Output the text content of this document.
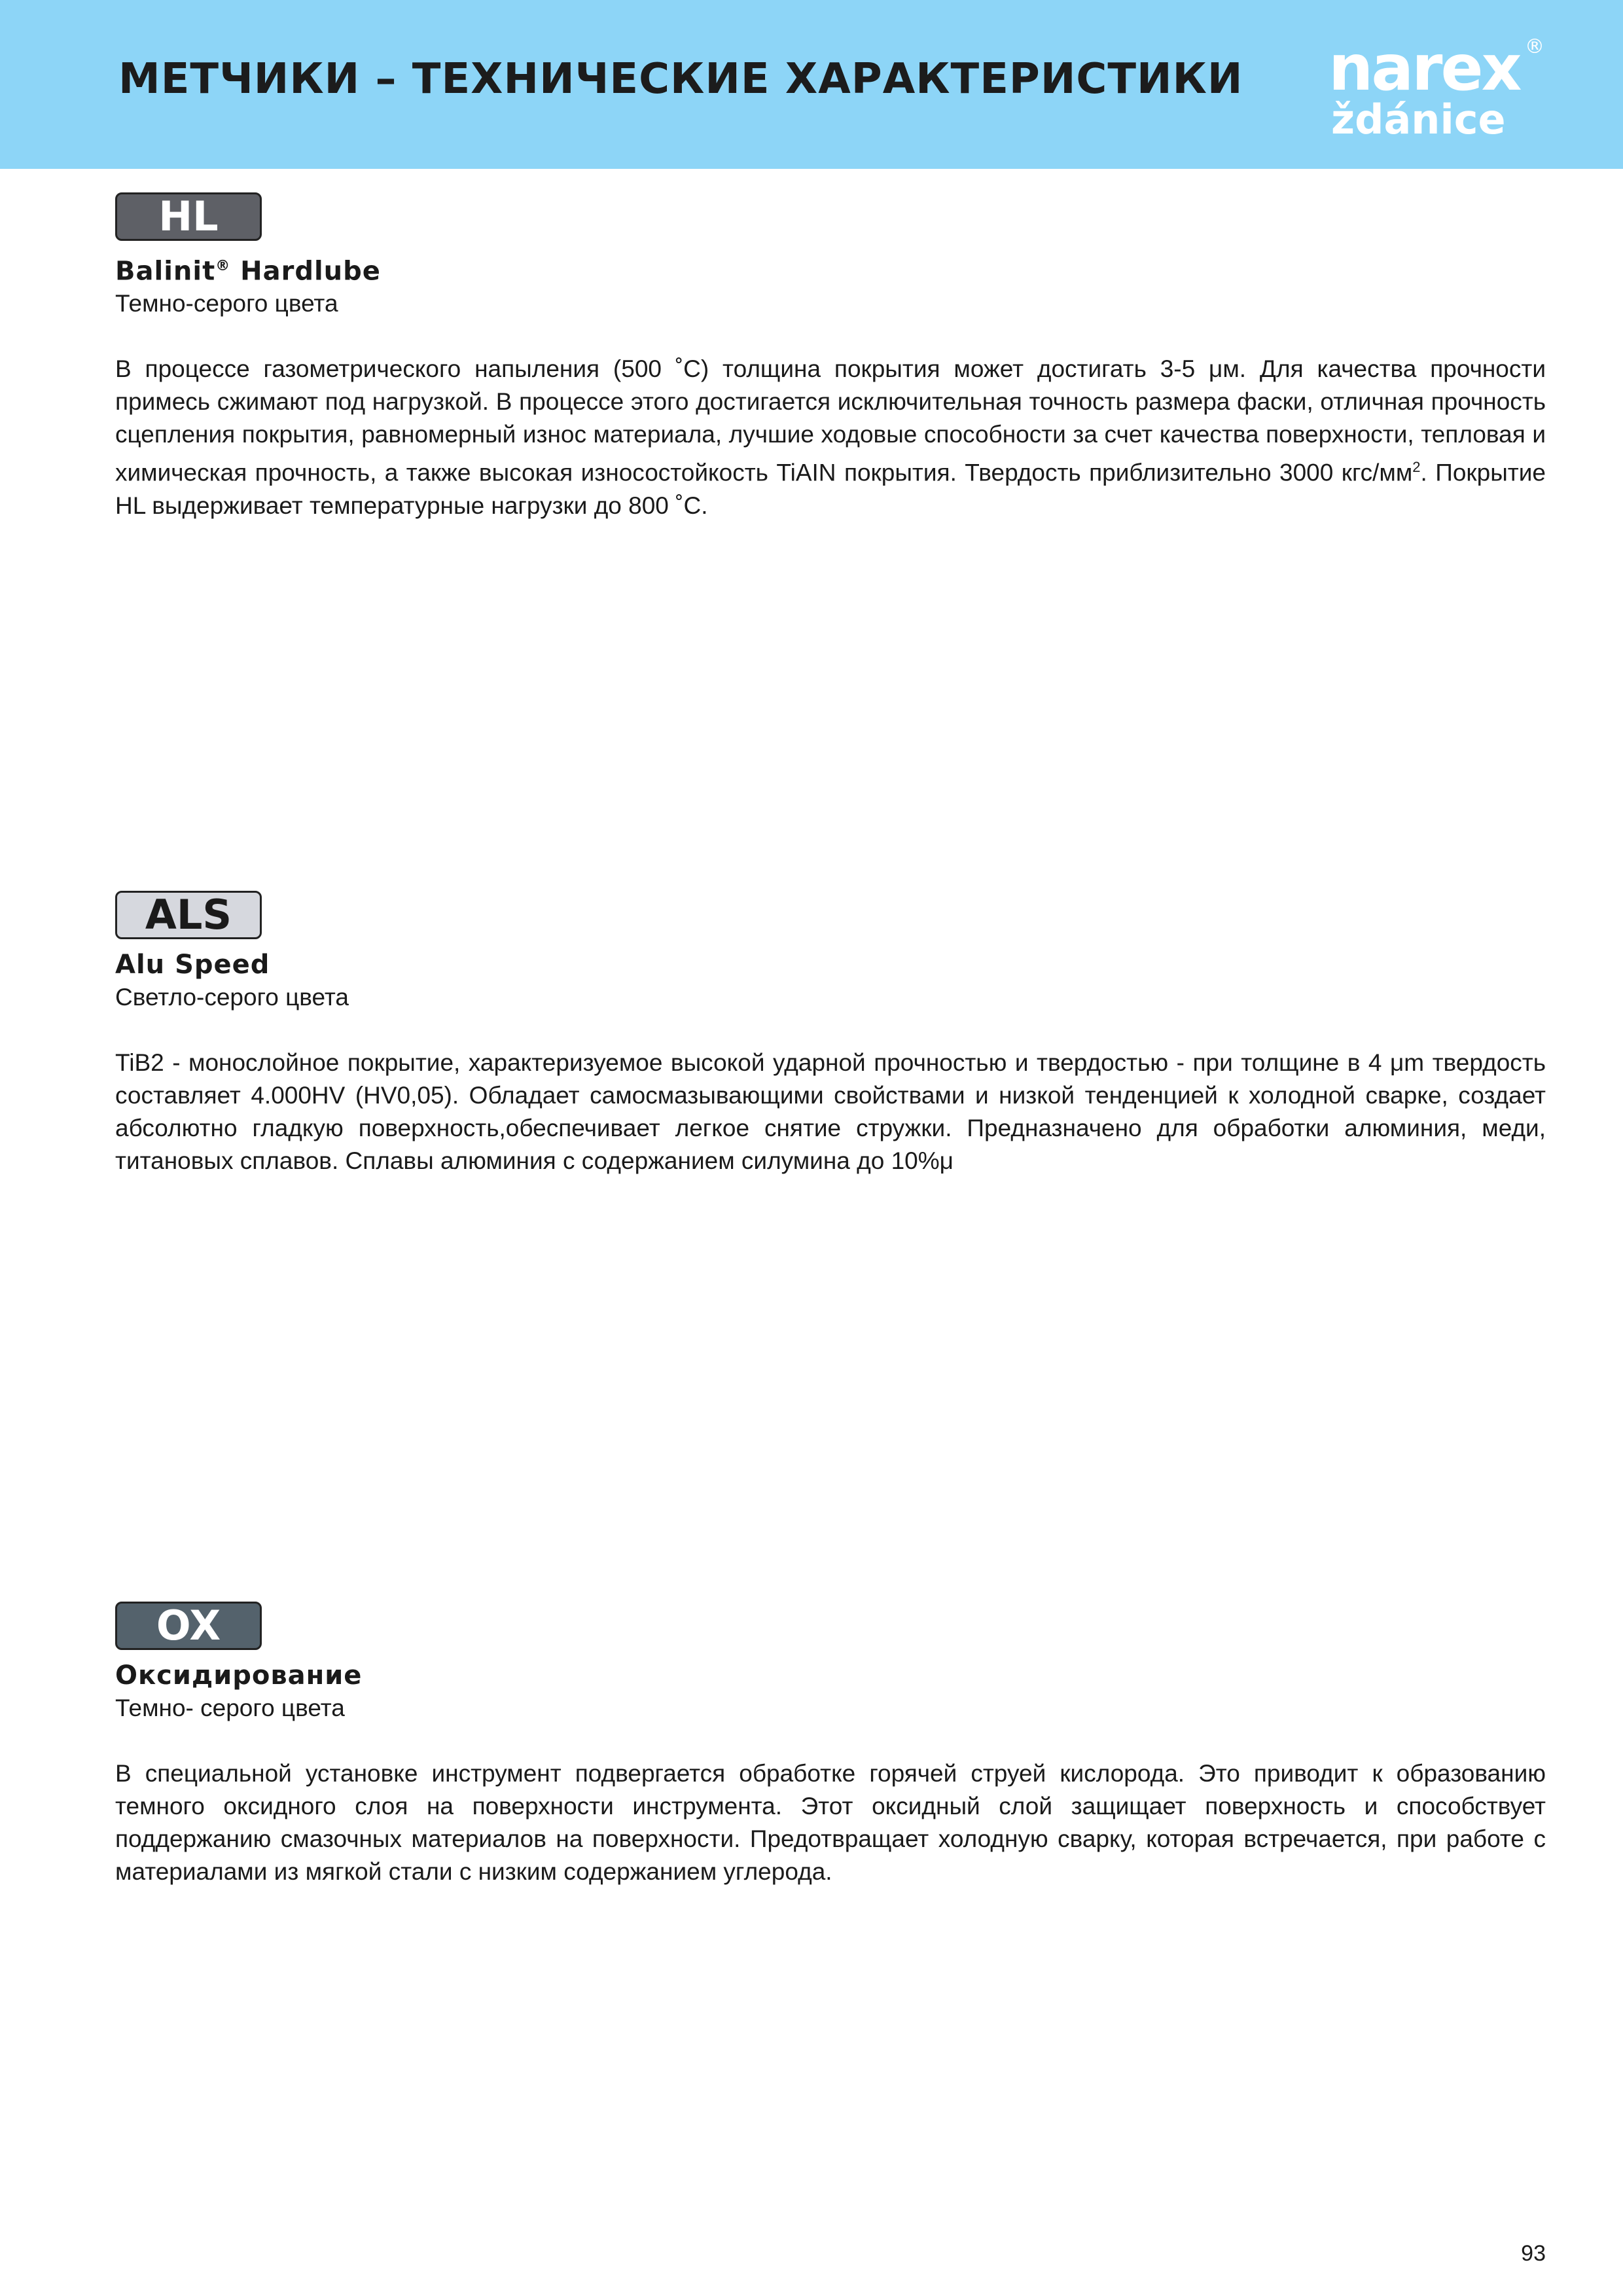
МЕТЧИКИ – ТЕХНИЧЕСКИЕ ХАРАКТЕРИСТИКИ narex
ždánice
®
HL
Balinit® Hardlube
Темно-серого цвета
В процессе газометрического напыления (500 ˚C) толщина покрытия может достигать 3-5 μм. Для качества прочности примесь сжимают под нагрузкой. В процессе этого достигается исключительная точность размера фаски, отличная прочность сцепления покрытия, равномерный износ материала, лучшие ходовые способности за счет качества поверхности, тепловая и химическая прочность, а также высокая износостойкость TiAIN покрытия. Твердость приблизительно 3000 кгс/$мм^2$. Покрытие HL выдерживает температурные нагрузки до 800 ˚C.
ALS
Alu Speed
Светло-серого цвета
TiB2 - монослойное покрытие, характеризуемое высокой ударной прочностью и твердостью - при толщине в 4 μm твердость составляет 4.000HV (HV0,05). Обладает самосмазывающими свойствами и низкой тенденцией к холодной сварке, создает абсолютно гладкую поверхность,обеспечивает легкое снятие стружки. Предназначено для обработки алюминия, меди, титановых сплавов. Сплавы алюминия с содержанием силумина до 10%μ
OX
Оксидирование
Темно- серого цвета
В специальной установке инструмент подвергается обработке горячей струей кислорода. Это приводит к образованию темного оксидного слоя на поверхности инструмента. Этот оксидный слой защищает поверхность и способствует поддержанию смазочных материалов на поверхности. Предотвращает холодную сварку, которая встречается, при работе с материалами из мягкой стали с низким содержанием углерода.
93
